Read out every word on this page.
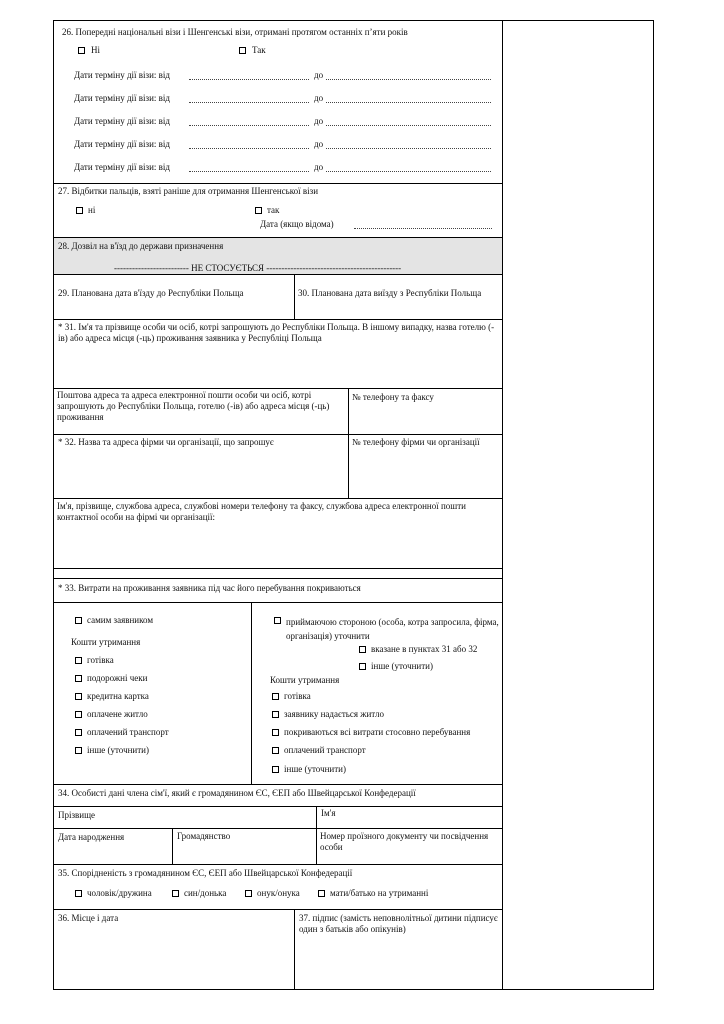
26. Попередні національні візи і Шенгенські візи, отримані протягом останніх п’яти років
Ні	Так
Дати терміну дії візи: від	до
Дати терміну дії візи: від	до
Дати терміну дії візи: від	до
Дати терміну дії візи: від	до
Дати терміну дії візи: від	до
27. Відбитки пальців, взяті раніше для отримання Шенгенської візи
ні	так
Дата (якщо відома)
28. Дозвіл на в'їзд до держави призначення
------------------------- НЕ СТОСУЄТЬСЯ ---------------------------------------------
29. Планована дата в'їзду до Республіки Польща	30. Планована дата виїзду з Республіки Польща
* 31. Ім'я та прізвище особи чи осіб, котрі запрошують до Республіки Польща. В іншому випадку, назва готелю (-ів) або адреса місця (-ць) проживання заявника у Республіці Польща
Поштова адреса та адреса електронної пошти особи чи осіб, котрі запрошують до Республіки Польща, готелю (-ів) або адреса місця (-ць) проживання
№ телефону та факсу
* 32. Назва та адреса фірми чи організації, що запрошує	№ телефону фірми чи організації
Ім'я, прізвище, службова адреса, службові номери телефону та факсу, службова адреса електронної пошти контактної особи на фірмі чи організації:
* 33. Витрати на проживання заявника під час його перебування покриваються
самим заявником
Кошти утримання
готівка
подорожні чеки
кредитна картка
оплачене житло
оплачений транспорт
інше (уточнити)
приймаючою стороною (особа, котра запросила, фірма, організація) уточнити
вказане в пунктах 31 або 32
інше (уточнити)
Кошти утримання
готівка
заявнику надається житло
покриваються всі витрати стосовно перебування
оплачений транспорт
інше (уточнити)
34. Особисті дані члена сім'ї, який є громадянином ЄС, ЄЕП або Швейцарської Конфедерації
Прізвище	Ім'я
Дата народження	Громадянство	Номер проїзного документу чи посвідчення особи
35. Спорідненість з громадянином ЄС, ЄЕП або Швейцарської Конфедерації
чоловік/дружина	син/донька	онук/онука	мати/батько на утриманні
36. Місце і дата	37. підпис (замість неповнолітньої дитини підписує один з батьків або опікунів)
